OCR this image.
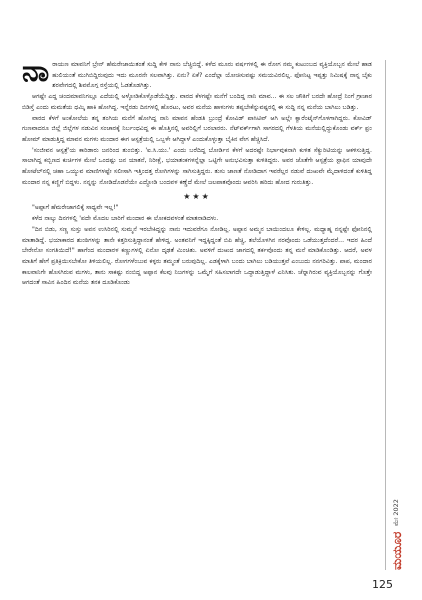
ನಾ ರಾಯಣ ಮಾವನಿಗೆ ಬ್ರೇನ್ ಹೆಮರೇಜಾಯಿತಂತೆ ಸುದ್ದಿ ಕೇಳಿ ನಾನು ಬೆಚ್ಚಿಬಿದ್ದೆ. ಕಳೆದ ಮೂರು ವರ್ಷಗಳಲ್ಲಿ ಈ ರೋಗ ನಮ್ಮ ಕುಟುಂಬದ ವ್ಯಕ್ತಿಯೊಬ್ಬನ ಮೇಲೆ ಹಾಡ ಹುಲಿಯಂತೆ ಮುಗಿಬಿದ್ದಿರುವುದು ಇದು ಮೂರನೇ ಸಲವಾಗಿತ್ತು. ಏನು? ಏಕೆ? ಎಂದೆಲ್ಲಾ ಯೋಚಿಸುವಷ್ಟು ಸಮಯವಿರಲಿಲ್ಲ. ಫೋನಿಟ್ಟ ಇಪ್ಪತ್ತು ನಿಮಿಷಕ್ಕೆ ನಾನ್ನ ಬೈಕು ಶರವೇಗದಲ್ಲಿ ಶಿವಮೊಗ್ಗ ರಸ್ತೆಯಲ್ಲಿ ಓಡತೊಡಗಿತ್ತು.

ಆಗಷ್ಟೇ ಎದ್ದ ಚಂದಮಾವನಿಗಲ್ಲೂ ಎದೆಯಲ್ಲಿ ಅಳ್ಳೋಡಿಕೊಳ್ಳೊಡೆಯೆದ್ದಿತ್ತು. ವಾರದ ಕೆಳಗಷ್ಟೇ ಮನೆಗೆ ಬಂದಿದ್ದ ನಾನಿ ಮಾವ... ಈ ಸಲ ಚೌತಿಗೆ ಬರದೇ ಹೋದ್ರೆ ನಿಂಗೆ ಗ್ರಾಚಾರ ಬಿಡಿಸ್ತೆ ಎಂದು ಮಮತೆಯ ಧಮ್ಕಿ ಹಾಕಿ ಹೋಗಿದ್ದ. ಇನ್ನೆರಡು ದಿನಗಳಲ್ಲಿ ಹೊರಟು, ಅವರ ಮನೆಯ ಹಾಳುಗಳು ತಪ್ಪಬೇಕೆನ್ನುವಷ್ಟರಲ್ಲಿ ಈ ಸುದ್ದಿ ನನ್ನ ಮನೆಯ ಬಾಗಿಲು ಬಡಿತ್ತು.

ವಾರದ ಕೆಳಗೆ ಅಂಕೋಲೆಯ ತನ್ನ ತಂಗಿಯ ಮನೆಗೆ ಹೋಗಿದ್ದ ನಾನಿ ಮಾವನ ಹೆಂಡತಿ ಬ್ರುಂದ್ರೆ ಕೋವಿಡ್ ಪಾಸಿಟಿವ್ ಆಗಿ ಅಲ್ಲೇ ಕ್ವಾರೆಂಟೈನ್‌ಗೊಳಗಾಗಿದ್ದರು. ಕೋವಿಡ್ ಗುಣವಾದರೂ ಜಿಲ್ಲೆ ಜಿಲ್ಲೆಗಳ ನಡುವಿನ ಸಂಚಾರಕ್ಕೆ ನಿರ್ಬಂಧವಿದ್ದ ಈ ಹೊತ್ತಿನಲ್ಲಿ ಅವರಿಲ್ಲಿಗೆ ಬರಲಾರರು. ನೆಟ್‌ವರ್ಕ್‌ಗಾಗಿ ಸಾಗರದಲ್ಲಿ ಗೆಳತಿಯ ಮನೆಯಲ್ಲಿದ್ದುಕೊಂಡು ವರ್ಕ್ ಫ್ರಂ ಹೋಮ್ ಮಾಡುತ್ತಿದ್ದ ಮಾವನ ಮಗಳು ಮಂದಾರ ಈಗ ಆಸ್ಪತ್ರೆಯಲ್ಲಿ ಒಬ್ಬಳೇ ಆಗಿದ್ದಾಳೆ ಎಂದುಕೊಳ್ಳುತ್ತಾ ಬೈಕಿನ ವೇಗ ಹೆಚ್ಚಿಸಿದೆ.

'ಸಂಜೀವನ ಆಸ್ಪತ್ರೆ'ಯ ಕಾರಿಡಾರು ಜನರಿಂದ ತುಂಬಿತ್ತು. 'ಐ.ಸಿ.ಯು.' ಎಂದು ಬರೆದಿದ್ದ ಬೋರ್ಡಿನ ಕೆಳಗೆ ಅದರಷ್ಟೇ ನಿರ್ಭಾವುಕನಾಗಿ ಕುಳಿತ ಸೆಕ್ಯುರಿಟಿಯನ್ನು ಆಕಳಿಸುತ್ತಿದ್ದ. ಸಾಲಾಗಿದ್ದ ಕಬ್ಬಿಣದ ಕುರ್ಚಿಗಳ ಮೇಲೆ ಒಂದಷ್ಟು ಜನ ಯಾತನೆ, ನಿರೀಕ್ಷೆ, ಭಯಾತಂಕಗಳನ್ನೆಲ್ಲಾ ಒಟ್ಟಿಗೇ ಅನುಭವಿಸುತ್ತಾ ಕುಳಿತಿದ್ದರು. ಅವರ ಜೊತೆಗೇ ಆಸ್ಪತ್ರೆಯ ಸ್ಟಾಫಿನ ಯಾವುದೇ ಹೋಟೆಲ್‌ನಲ್ಲಿ ಚಹಾ ಒಯ್ಯುವ ಮಾಣಿಗಳಷ್ಟೇ ಸಲೀಸಾಗಿ ಇತ್ತಿಂದತ್ತ ರೋಗಿಗಳನ್ನು ಸಾಗಿಸುತ್ತಿದ್ದರು. ತುಸು ಜಾಣತೆ ನೋಡಿದಾಗ ಇವರೆಲ್ಲರ ನಡುವೆ ದುಃಖವೇ ಮೈದಾಳಿದಂತೆ ಕುಳಿತಿದ್ದ ಮಂದಾರ ನನ್ನ ಕಣ್ಣಿಗೆ ಬಿದ್ದಳು. ನನ್ನನ್ನು ನೋಡಿದೊಡನೆಯೇ ಎದ್ದೋಡಿ ಬಂದವಳ ಕಣ್ಣೆದೆ ಮೇಲೆ ಜಲಪಾತವೊಂದು ಆವರಿಸಿ ಹರಿದು ಹೋದ ಗುರುತಿತ್ತು.

★★★

"ಅಪ್ಪಾಗೆ ಹೆಮರೇಜಾಗಲಿಕ್ಕೆ ಸಾಧ್ಯವೇ ಇಲ್ಲ!"

ಕಳೆದ ನಾಲ್ಕು ದಿನಗಳಲ್ಲಿ 'ಪದೇ ಮೊದಲ ಬಾರಿಗೆ ಮಂದಾರ ಈ ಲೋಕದವಳಂತೆ ಮಾತನಾಡಿದಳು.

"ದಿನ ಬಿಡು, ಸಣ್ಣ ಸುಸ್ತು ಅವನ ಉಸಿರಿನಲ್ಲಿ ಸುಮ್ಮನೆ ಇರಬೇಕಿದ್ದನ್ನು ನಾನು ಇದುವರೆಗೂ ನೋಡಿಲ್ಲ. ಅಪ್ಪಾನ ಅಮ್ಮನ ಬಾಯಿಂದಲೂ ಕೇಳಿಲ್ಲ. ಮಧ್ಯಾಹ್ನ ನನ್ನಷ್ಟೇ ಫೋನಿನಲ್ಲಿ ಮಾತಾಡಿದ್ದೆ. ಭಯಾಕಾರದ ಶುಂಠಿಗಳನ್ನು ತಾನೇ ಕತ್ತರಿಸುತ್ತಿದ್ದಾನಂತೆ ಹೇಳಿದ್ದ. ಅಂತವನಿಗೆ ಇದ್ದಕ್ಕಿದ್ದಂತೆ ಬಿಪಿ ಹೆಚ್ಚಿ, ತಲೆಯೊಳಗಿನ ನರವೊಂದು ಒಡೆಯುತ್ತದೆಂದರೆ... ಇದರ ಹಿಂದೆ ಬೇರೇನೋ ಸಂಗತಿಯಿದೆ!" ಹಾಗೆಂದ ಮಂದಾರಳ ಕಣ್ಣುಗಳಲ್ಲಿ ಏನೋ ದೃಢತೆ ಮಿಂಚಿತು. ಅವಳಿಗೆ ದುಃಖದ ಜಾಗದಲ್ಲಿ ತರ್ಕವೊಂದು ತನ್ನ ಮನೆ ಮಾಡಿಕೊಂಡಿತ್ತು. ಆದರೆ, ಅವಳ ಮಾತಿಗೆ ಹೇಗೆ ಪ್ರತಿಕ್ರಿಯಿಸಬೇಕೋ ತಿಳಿಯಲಿಲ್ಲ. ರೋಗಗಳೆಂಬುವ ಕಳ್ಳರು ತಮ್ಮಂತೆ ಬರುವುದಿಲ್ಲ. ಎಡಕ್ಕೆಳಾಗಿ ಬಂದು ಬಾಗಿಲು ಬಡಿಯುತ್ತವೆ ಎಂಬುದು ನನಗರಿವಿತ್ತು. ಪಾಪ, ಮಂದಾರ ಕಾಲವಾನಿಗೇ ಹೊಸಗಿರುವ ಮಗಳು, ತಾನು ಸಾಕಷ್ಟು ನಂಬಿದ್ದ ಅಪ್ಪಾನ ಕೆಲವು ನಿಜಗಳನ್ನು ಒಮ್ಮೆಗೆ ಸಹಿಸಲಾಗದೇ ಒದ್ದಾಡುತ್ತಿದ್ದಾಳೆ ಎನಿಸಿತು. ಚೆನ್ನಾಗಿರುವ ವ್ಯಕ್ತಿಯೊಬ್ಬನನ್ನು ಗೊತ್ತೇ ಆಗದಂತೆ ಸಾವಿನ ಹಿಂದಿನ ಮನೆಯ ತನಕ ದೂಡಿಕೊಂಡು

ಮೇ 2022
ಮಯೂರ
125
